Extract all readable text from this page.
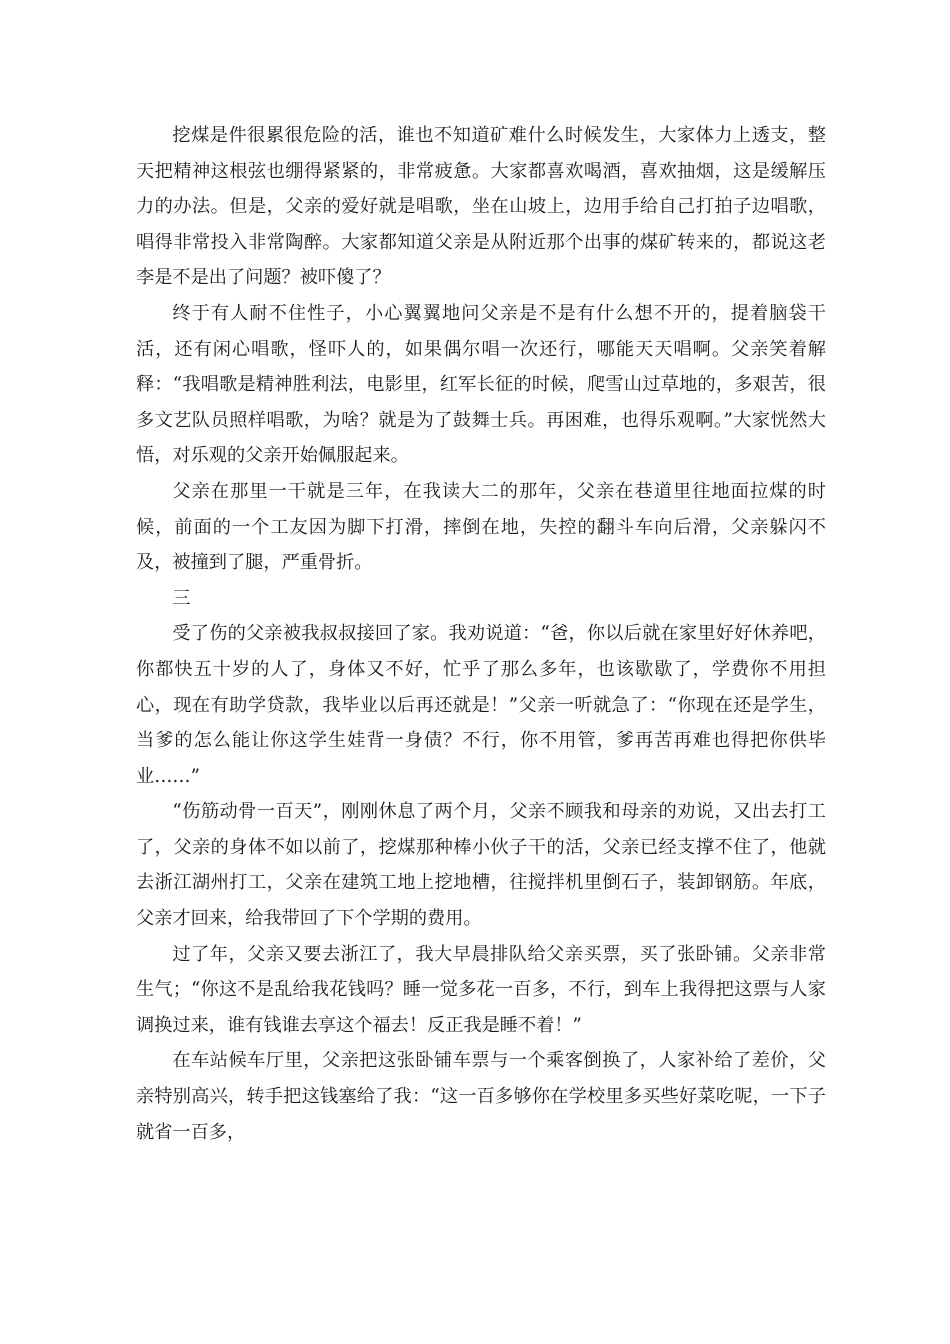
挖煤是件很累很危险的活，谁也不知道矿难什么时候发生，大家体力上透支，整天把精神这根弦也绷得紧紧的，非常疲惫。大家都喜欢喝酒，喜欢抽烟，这是缓解压力的办法。但是，父亲的爱好就是唱歌，坐在山坡上，边用手给自己打拍子边唱歌，唱得非常投入非常陶醉。大家都知道父亲是从附近那个出事的煤矿转来的，都说这老李是不是出了问题？被吓傻了？

终于有人耐不住性子，小心翼翼地问父亲是不是有什么想不开的，提着脑袋干活，还有闲心唱歌，怪吓人的，如果偶尔唱一次还行，哪能天天唱啊。父亲笑着解释：“我唱歌是精神胜利法，电影里，红军长征的时候，爬雪山过草地的，多艰苦，很多文艺队员照样唱歌，为啥？就是为了鼓舞士兵。再困难，也得乐观啊。”大家恍然大悟，对乐观的父亲开始佩服起来。

父亲在那里一干就是三年，在我读大二的那年，父亲在巷道里往地面拉煤的时候，前面的一个工友因为脚下打滑，摔倒在地，失控的翻斗车向后滑，父亲躲闪不及，被撞到了腿，严重骨折。

三

受了伤的父亲被我叔叔接回了家。我劝说道：“爸，你以后就在家里好好休养吧，你都快五十岁的人了，身体又不好，忙乎了那么多年，也该歇歇了，学费你不用担心，现在有助学贷款，我毕业以后再还就是！”父亲一听就急了：“你现在还是学生，当爹的怎么能让你这学生娃背一身债？不行，你不用管，爹再苦再难也得把你供毕业……”

“伤筋动骨一百天”，刚刚休息了两个月，父亲不顾我和母亲的劝说，又出去打工了，父亲的身体不如以前了，挖煤那种棒小伙子干的活，父亲已经支撑不住了，他就去浙江湖州打工，父亲在建筑工地上挖地槽，往搅拌机里倒石子，装卸钢筋。年底，父亲才回来，给我带回了下个学期的费用。

过了年，父亲又要去浙江了，我大早晨排队给父亲买票，买了张卧铺。父亲非常生气；“你这不是乱给我花钱吗？睡一觉多花一百多，不行，到车上我得把这票与人家调换过来，谁有钱谁去享这个福去！反正我是睡不着！”

在车站候车厅里，父亲把这张卧铺车票与一个乘客倒换了，人家补给了差价，父亲特别高兴，转手把这钱塞给了我：“这一百多够你在学校里多买些好菜吃呢，一下子就省一百多，
